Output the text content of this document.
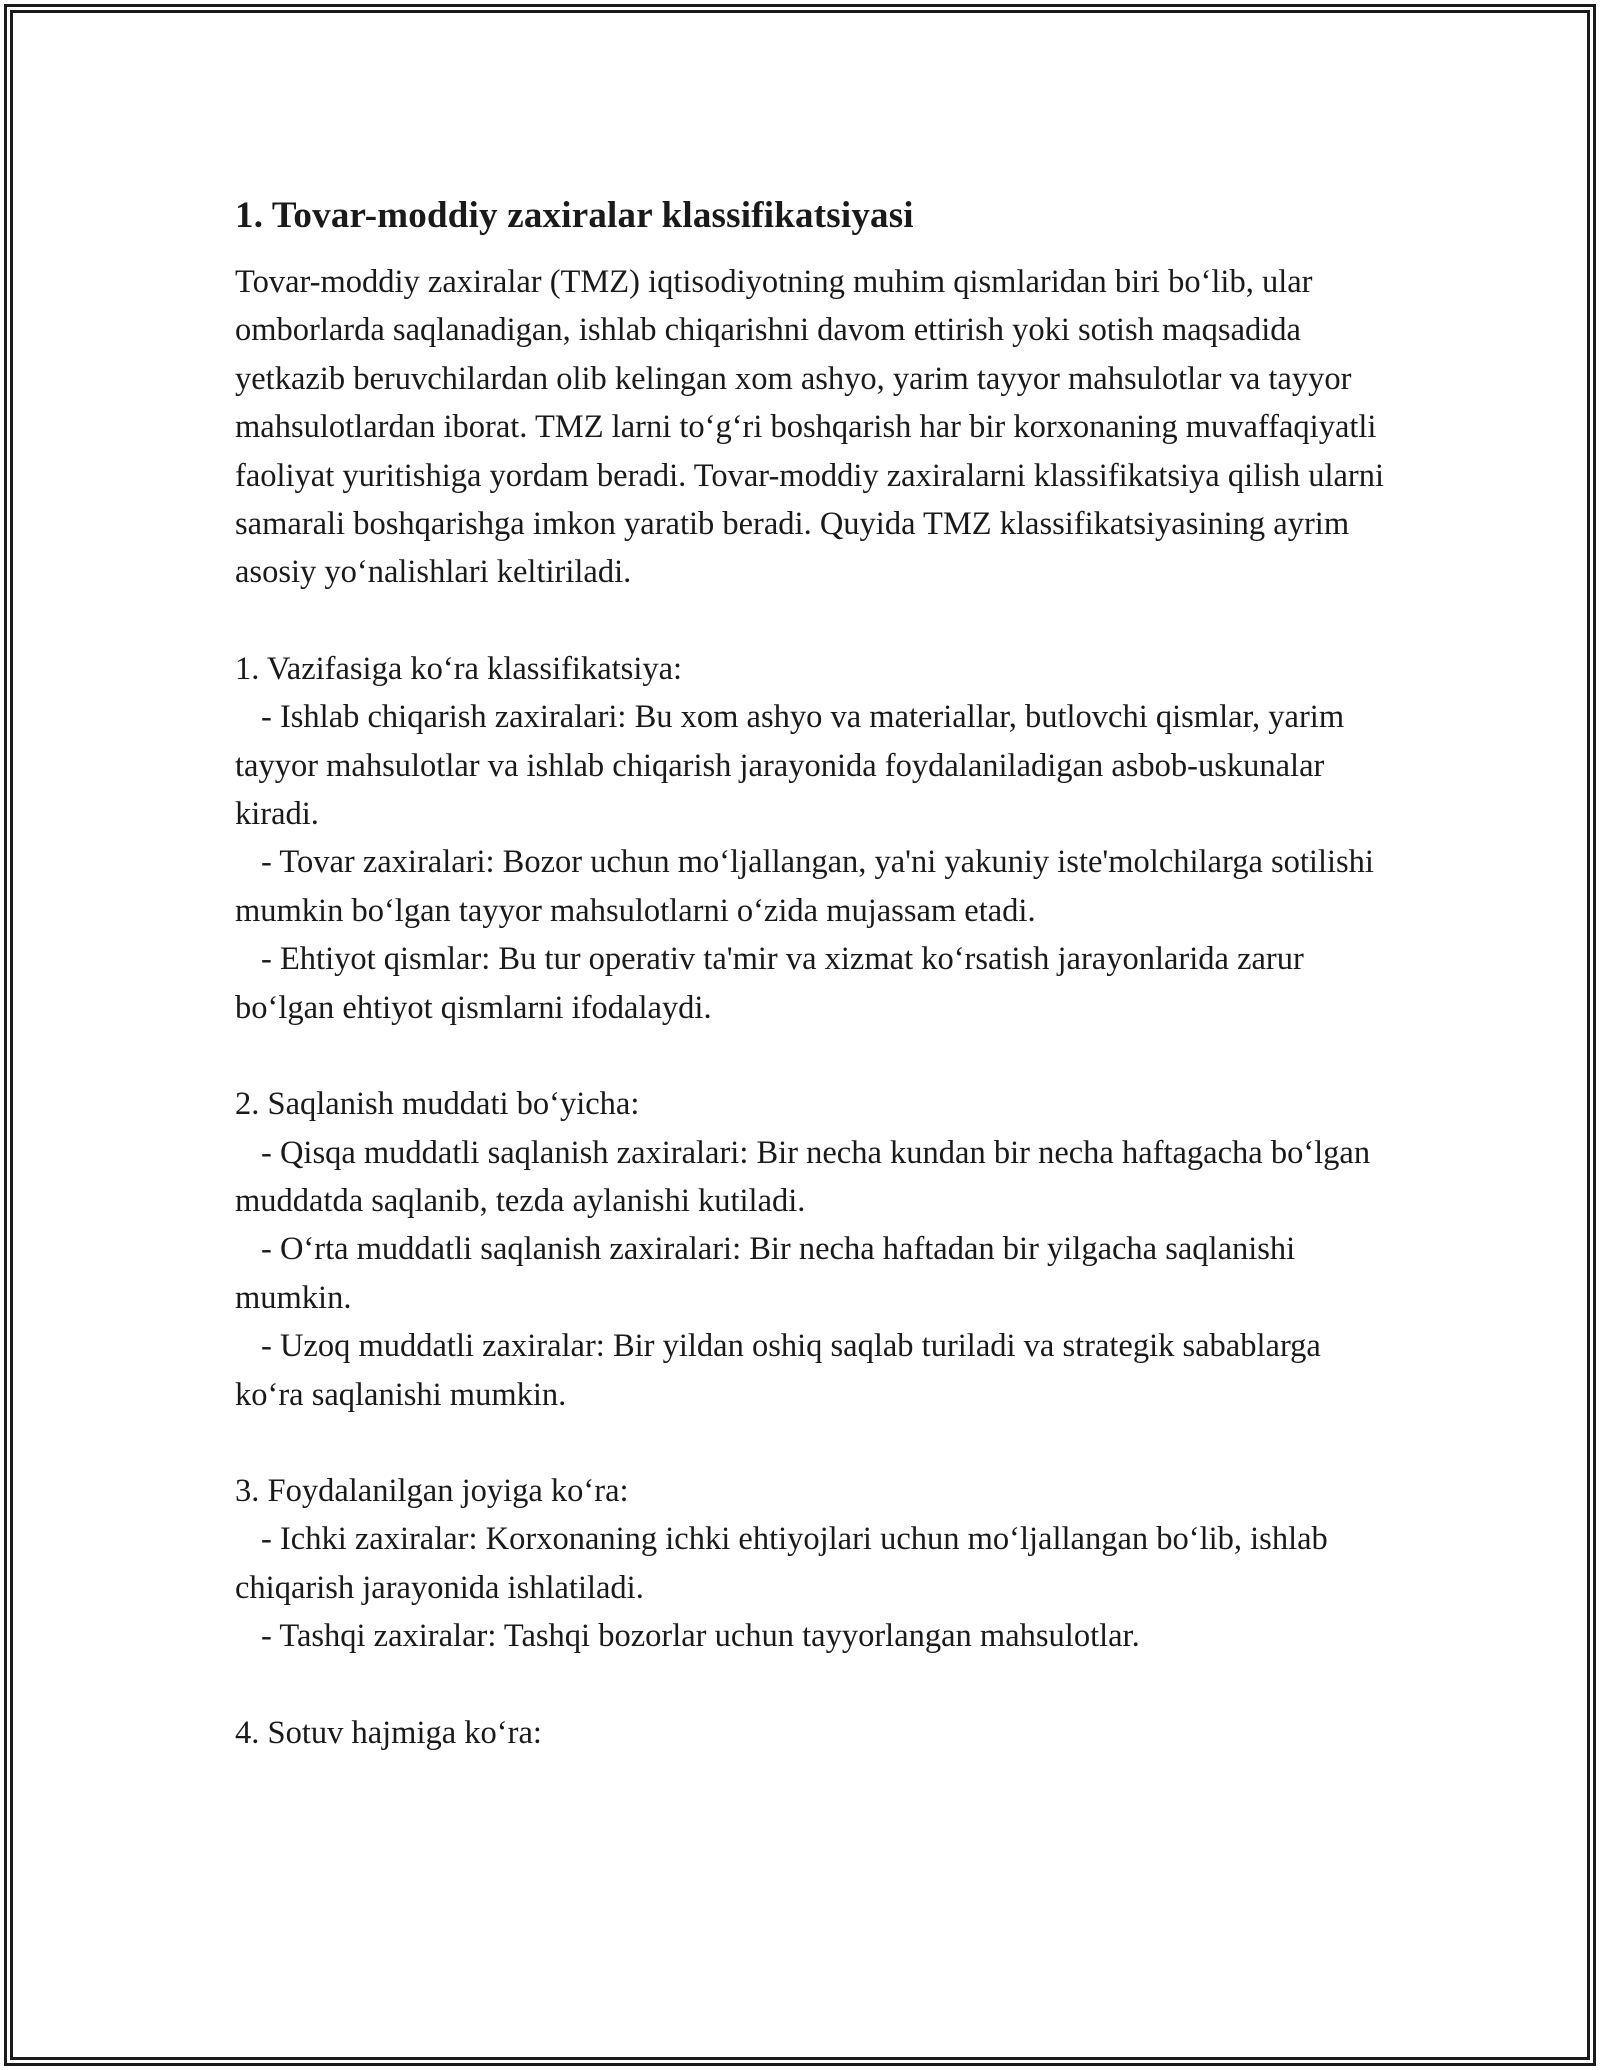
1. Tovar-moddiy zaxiralar klassifikatsiyasi

Tovar-moddiy zaxiralar (TMZ) iqtisodiyotning muhim qismlaridan biri bo‘lib, ular omborlarda saqlanadigan, ishlab chiqarishni davom ettirish yoki sotish maqsadida yetkazib beruvchilardan olib kelingan xom ashyo, yarim tayyor mahsulotlar va tayyor mahsulotlardan iborat. TMZ larni to‘g‘ri boshqarish har bir korxonaning muvaffaqiyatli faoliyat yuritishiga yordam beradi. Tovar-moddiy zaxiralarni klassifikatsiya qilish ularni samarali boshqarishga imkon yaratib beradi. Quyida TMZ klassifikatsiyasining ayrim asosiy yo‘nalishlari keltiriladi.

1. Vazifasiga ko‘ra klassifikatsiya:

- Ishlab chiqarish zaxiralari: Bu xom ashyo va materiallar, butlovchi qismlar, yarim tayyor mahsulotlar va ishlab chiqarish jarayonida foydalaniladigan asbob-uskunalar kiradi.

- Tovar zaxiralari: Bozor uchun mo‘ljallangan, ya'ni yakuniy iste'molchilarga sotilishi mumkin bo‘lgan tayyor mahsulotlarni o‘zida mujassam etadi.

- Ehtiyot qismlar: Bu tur operativ ta'mir va xizmat ko‘rsatish jarayonlarida zarur bo‘lgan ehtiyot qismlarni ifodalaydi.

2. Saqlanish muddati bo‘yicha:

- Qisqa muddatli saqlanish zaxiralari: Bir necha kundan bir necha haftagacha bo‘lgan muddatda saqlanib, tezda aylanishi kutiladi.

- O‘rta muddatli saqlanish zaxiralari: Bir necha haftadan bir yilgacha saqlanishi mumkin.

- Uzoq muddatli zaxiralar: Bir yildan oshiq saqlab turiladi va strategik sabablarga ko‘ra saqlanishi mumkin.

3. Foydalanilgan joyiga ko‘ra:

- Ichki zaxiralar: Korxonaning ichki ehtiyojlari uchun mo‘ljallangan bo‘lib, ishlab chiqarish jarayonida ishlatiladi.

- Tashqi zaxiralar: Tashqi bozorlar uchun tayyorlangan mahsulotlar.

4. Sotuv hajmiga ko‘ra:
